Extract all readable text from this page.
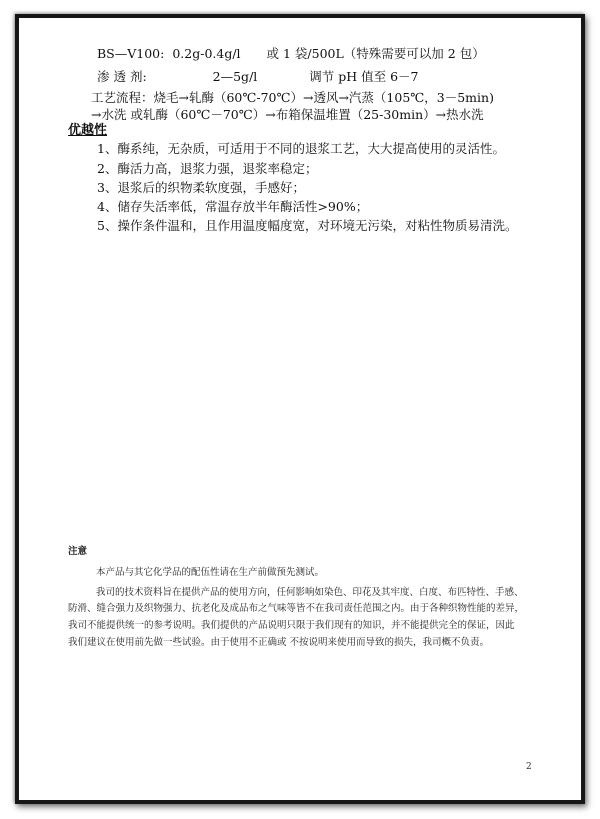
BS—V100: 0.2g-0.4g/l 或 1 袋/500L（特殊需要可以加 2 包）
渗 透 剂:	2—5g/l	调节 pH 值至 6－7
工艺流程：烧毛→轧酶（60℃-70℃）→透风→汽蒸（105℃，3－5min)
→水洗 或轧酶（60℃－70℃）→布箱保温堆置（25-30min）→热水洗
优越性
1、酶系纯，无杂质，可适用于不同的退浆工艺，大大提高使用的灵活性。
2、酶活力高，退浆力强，退浆率稳定；
3、退浆后的织物柔软度强，手感好；
4、储存失活率低，常温存放半年酶活性>90%；
5、操作条件温和，且作用温度幅度宽，对环境无污染，对粘性物质易清洗。
注意
本产品与其它化学品的配伍性请在生产前做预先测试。
我司的技术资料旨在提供产品的使用方向，任何影响如染色、印花及其牢度、白度、布匹特性、手感、
防滑、缝合强力及织物强力、抗老化及成品布之气味等皆不在我司责任范围之内。由于各种织物性能的差异，
我司不能提供统一的参考说明。我们提供的产品说明只限于我们现有的知识，并不能提供完全的保证，因此
我们建议在使用前先做一些试验。由于使用不正确或 不按说明来使用而导致的损失，我司概不负责。
2
